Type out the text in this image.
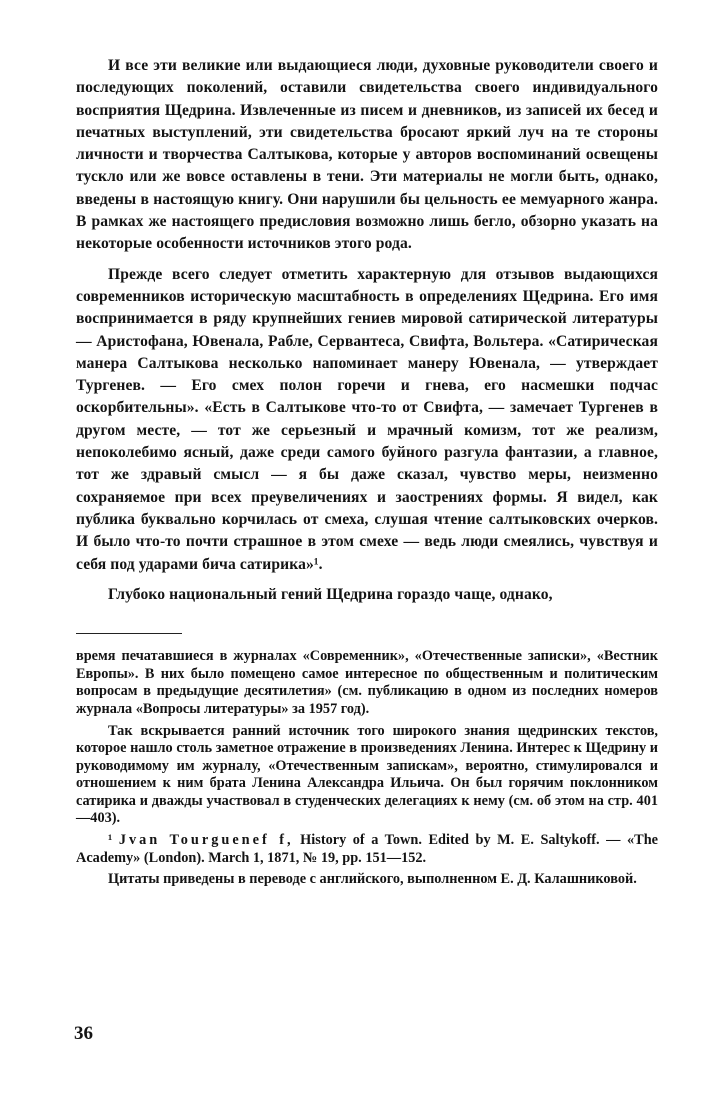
И все эти великие или выдающиеся люди, духовные руководители своего и последующих поколений, оставили свидетельства своего индивидуального восприятия Щедрина. Извлеченные из писем и дневников, из записей их бесед и печатных выступлений, эти свидетельства бросают яркий луч на те стороны личности и творчества Салтыкова, которые у авторов воспоминаний освещены тускло или же вовсе оставлены в тени. Эти материалы не могли быть, однако, введены в настоящую книгу. Они нарушили бы цельность ее мемуарного жанра. В рамках же настоящего предисловия возможно лишь бегло, обзорно указать на некоторые особенности источников этого рода.

Прежде всего следует отметить характерную для отзывов выдающихся современников историческую масштабность в определениях Щедрина. Его имя воспринимается в ряду крупнейших гениев мировой сатирической литературы — Аристофана, Ювенала, Рабле, Сервантеса, Свифта, Вольтера. «Сатирическая манера Салтыкова несколько напоминает манеру Ювенала, — утверждает Тургенев. — Его смех полон горечи и гнева, его насмешки подчас оскорбительны». «Есть в Салтыкове что-то от Свифта, — замечает Тургенев в другом месте, — тот же серьезный и мрачный комизм, тот же реализм, непоколебимо ясный, даже среди самого буйного разгула фантазии, а главное, тот же здравый смысл — я бы даже сказал, чувство меры, неизменно сохраняемое при всех преувеличениях и заострениях формы. Я видел, как публика буквально корчилась от смеха, слушая чтение салтыковских очерков. И было что-то почти страшное в этом смехе — ведь люди смеялись, чувствуя и себя под ударами бича сатирика»¹.

Глубоко национальный гений Щедрина гораздо чаще, однако,

время печатавшиеся в журналах «Современник», «Отечественные записки», «Вестник Европы». В них было помещено самое интересное по общественным и политическим вопросам в предыдущие десятилетия» (см. публикацию в одном из последних номеров журнала «Вопросы литературы» за 1957 год).

Так вскрывается ранний источник того широкого знания щедринских текстов, которое нашло столь заметное отражение в произведениях Ленина. Интерес к Щедрину и руководимому им журналу, «Отечественным запискам», вероятно, стимулировался и отношением к ним брата Ленина Александра Ильича. Он был горячим поклонником сатирика и дважды участвовал в студенческих делегациях к нему (см. об этом на стр. 401—403).

¹ Jvan Tourguenef f, History of a Town. Edited by M. E. Saltykoff. — «The Academy» (London). March 1, 1871, № 19, pp. 151—152.

Цитаты приведены в переводе с английского, выполненном Е. Д. Калашниковой.

36
